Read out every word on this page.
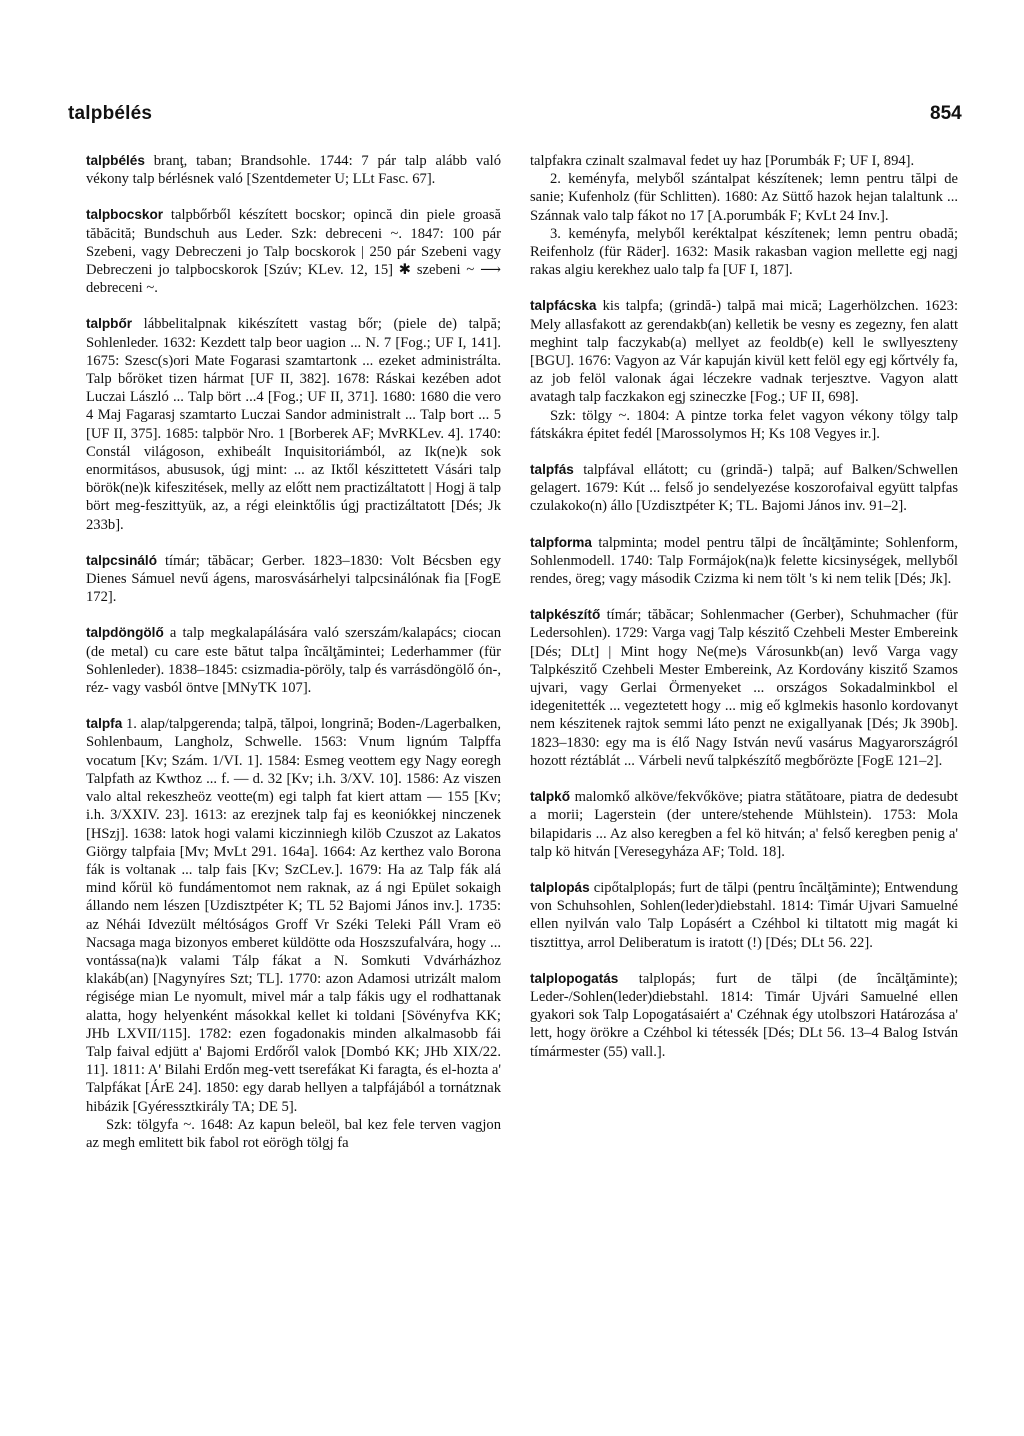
talpbélés	854

talpbélés branţ, taban; Brandsohle. 1744: 7 pár talp alább való vékony talp bérlésnek való [Szentdemeter U; LLt Fasc. 67].

talpbocskor talpbőrből készített bocskor; opincă din piele groasă tăbăcită; Bundschuh aus Leder. Szk: debreceni ~. 1847: 100 pár Szebeni, vagy Debreczeni jo Talp bocskorok | 250 pár Szebeni vagy Debreczeni jo talpbocskorok [Szúv; KLev. 12, 15] ✱ szebeni ~ ⟶ debreceni ~.

talpbőr lábbelitalpnak kikészített vastag bőr; (piele de) talpă; Sohlenleder. 1632: Kezdett talp beor uagion ... N. 7 [Fog.; UF I, 141]. 1675: Szesc(s)ori Mate Fogarasi szamtartonk ... ezeket administrálta. Talp bőröket tizen hármat [UF II, 382]. 1678: Ráskai kezében adot Luczai László ... Talp bört ...4 [Fog.; UF II, 371]. 1680: 1680 die vero 4 Maj Fagarasj szamtarto Luczai Sandor administralt ... Talp bort ... 5 [UF II, 375]. 1685: talpbör Nro. 1 [Borberek AF; MvRKLev. 4]. 1740: Constál világoson, exhibeált Inquisitoriámból, az Ik(ne)k sok enormitásos, abususok, úgj mint: ... az Iktől készittetett Vásári talp börök(ne)k kifeszitések, melly az előtt nem practizáltatott | Hogj ä talp bört meg-feszittyük, az, a régi eleinktőlis úgj practizáltatott [Dés; Jk 233b].

talpcsináló tímár; tăbăcar; Gerber. 1823–1830: Volt Bécsben egy Dienes Sámuel nevű ágens, marosvásárhelyi talpcsinálónak fia [FogE 172].

talpdöngölő a talp megkalapálására való szerszám/kalapács; ciocan (de metal) cu care este bătut talpa încălţămintei; Lederhammer (für Sohlenleder). 1838–1845: csizmadia-pöröly, talp és varrásdöngölő ón-, réz- vagy vasból öntve [MNyTK 107].

talpfa 1. alap/talpgerenda; talpă, tălpoi, longrină; Boden-/Lagerbalken, Sohlenbaum, Langholz, Schwelle. 1563: Vnum lignúm Talpffa vocatum [Kv; Szám. 1/VI. 1]. 1584: Esmeg veottem egy Nagy eoregh Talpfath az Kwthoz ... f. — d. 32 [Kv; i.h. 3/XV. 10]. 1586: Az viszen valo altal rekeszheöz veotte(m) egi talph fat kiert attam — 155 [Kv; i.h. 3/XXIV. 23]. 1613: az erezjnek talp faj es keoniókkej ninczenek [HSzj]. 1638: latok hogi valami kiczinniegh kilöb Czuszot az Lakatos Giörgy talpfaia [Mv; MvLt 291. 164a]. 1664: Az kerthez valo Borona fák is voltanak ... talp fais [Kv; SzCLev.]. 1679: Ha az Talp fák alá mind kőrül kö fundámentomot nem raknak, az á ngi Epület sokaigh állando nem lészen [Uzdisztpéter K; TL 52 Bajomi János inv.]. 1735: az Néhái Idvezült méltóságos Groff Vr Széki Teleki Páll Vram eö Nacsaga maga bizonyos emberet küldötte oda Hoszszufalvára, hogy ... vontássa(na)k valami Tálp fákat a N. Somkuti Vdvárházhoz klakáb(an) [Nagynyíres Szt; TL]. 1770: azon Adamosi utrizált malom régisége mian Le nyomult, mivel már a talp fákis ugy el rodhattanak alatta, hogy helyenként másokkal kellet ki toldani [Sövényfva KK; JHb LXVII/115]. 1782: ezen fogadonakis minden alkalmasobb fái Talp faival edjütt a' Bajomi Erdőről valok [Dombó KK; JHb XIX/22. 11]. 1811: A' Bilahi Erdőn meg-vett tserefákat Ki faragta, és el-hozta a' Talpfákat [ÁrE 24]. 1850: egy darab hellyen a talpfájából a tornátznak hibázik [Gyéressztkirály TA; DE 5].

Szk: tölgyfa ~. 1648: Az kapun beleöl, bal kez fele terven vagjon az megh emlitett bik fabol rot eörögh tölgj fa

talpfakra czinalt szalmaval fedet uy haz [Porumbák F; UF I, 894].

2. keményfa, melyből szántalpat készítenek; lemn pentru tălpi de sanie; Kufenholz (für Schlitten). 1680: Az Süttő hazok hejan talaltunk ... Szánnak valo talp fákot no 17 [A.porumbák F; KvLt 24 Inv.].

3. keményfa, melyből keréktalpat készítenek; lemn pentru obadă; Reifenholz (für Räder]. 1632: Masik rakasban vagion mellette egj nagj rakas algiu kerekhez ualo talp fa [UF I, 187].

talpfácska kis talpfa; (grindă-) talpă mai mică; Lagerhölzchen. 1623: Mely allasfakott az gerendakb(an) kelletik be vesny es zegezny, fen alatt meghint talp faczykab(a) mellyet az feoldb(e) kell le swllyeszteny [BGU]. 1676: Vagyon az Vár kapuján kivül kett felöl egy egj kőrtvély fa, az job felöl valonak ágai léczekre vadnak terjesztve. Vagyon alatt avatagh talp faczkakon egj szineczke [Fog.; UF II, 698].

Szk: tölgy ~. 1804: A pintze torka felet vagyon vékony tölgy talp fátskákra épitet fedél [Marossolymos H; Ks 108 Vegyes ir.].

talpfás talpfával ellátott; cu (grindă-) talpă; auf Balken/Schwellen gelagert. 1679: Kút ... felső jo sendelyezése koszorofaival együtt talpfas czulakoko(n) állo [Uzdisztpéter K; TL. Bajomi János inv. 91–2].

talpforma talpminta; model pentru tălpi de încălţăminte; Sohlenform, Sohlenmodell. 1740: Talp Formájok(na)k felette kicsinységek, mellyből rendes, öreg; vagy második Czizma ki nem tölt 's ki nem telik [Dés; Jk].

talpkészítő tímár; tăbăcar; Sohlenmacher (Gerber), Schuhmacher (für Ledersohlen). 1729: Varga vagj Talp készitő Czehbeli Mester Embereink [Dés; DLt] | Mint hogy Ne(me)s Városunkb(an) levő Varga vagy Talpkészitő Czehbeli Mester Embereink, Az Kordovány kiszitő Szamos ujvari, vagy Gerlai Örmenyeket ... országos Sokadalminkbol el idegenitették ... vegeztetett hogy ... mig eő kglmekis hasonlo kordovanyt nem készitenek rajtok semmi láto penzt ne exigallyanak [Dés; Jk 390b]. 1823–1830: egy ma is élő Nagy István nevű vasárus Magyarországról hozott réztáblát ... Várbeli nevű talpkészítő megbőrözte [FogE 121–2].

talpkő malomkő alköve/fekvőköve; piatra stătătoare, piatra de dedesubt a morii; Lagerstein (der untere/stehende Mühlstein). 1753: Mola bilapidaris ... Az also keregben a fel kö hitván; a' felső keregben penig a' talp kö hitván [Veresegyháza AF; Told. 18].

talplopás cipőtalplopás; furt de tălpi (pentru încălţăminte); Entwendung von Schuhsohlen, Sohlen(leder)diebstahl. 1814: Timár Ujvari Samuelné ellen nyilván valo Talp Lopásért a Czéhbol ki tiltatott mig magát ki tisztittya, arrol Deliberatum is iratott (!) [Dés; DLt 56. 22].

talplopogatás talplopás; furt de tălpi (de încălţăminte); Leder-/Sohlen(leder)diebstahl. 1814: Timár Ujvári Samuelné ellen gyakori sok Talp Lopogatásaiért a' Czéhnak égy utolbszori Határozása a' lett, hogy örökre a Czéhbol ki tétessék [Dés; DLt 56. 13–4 Balog István tímármester (55) vall.].
